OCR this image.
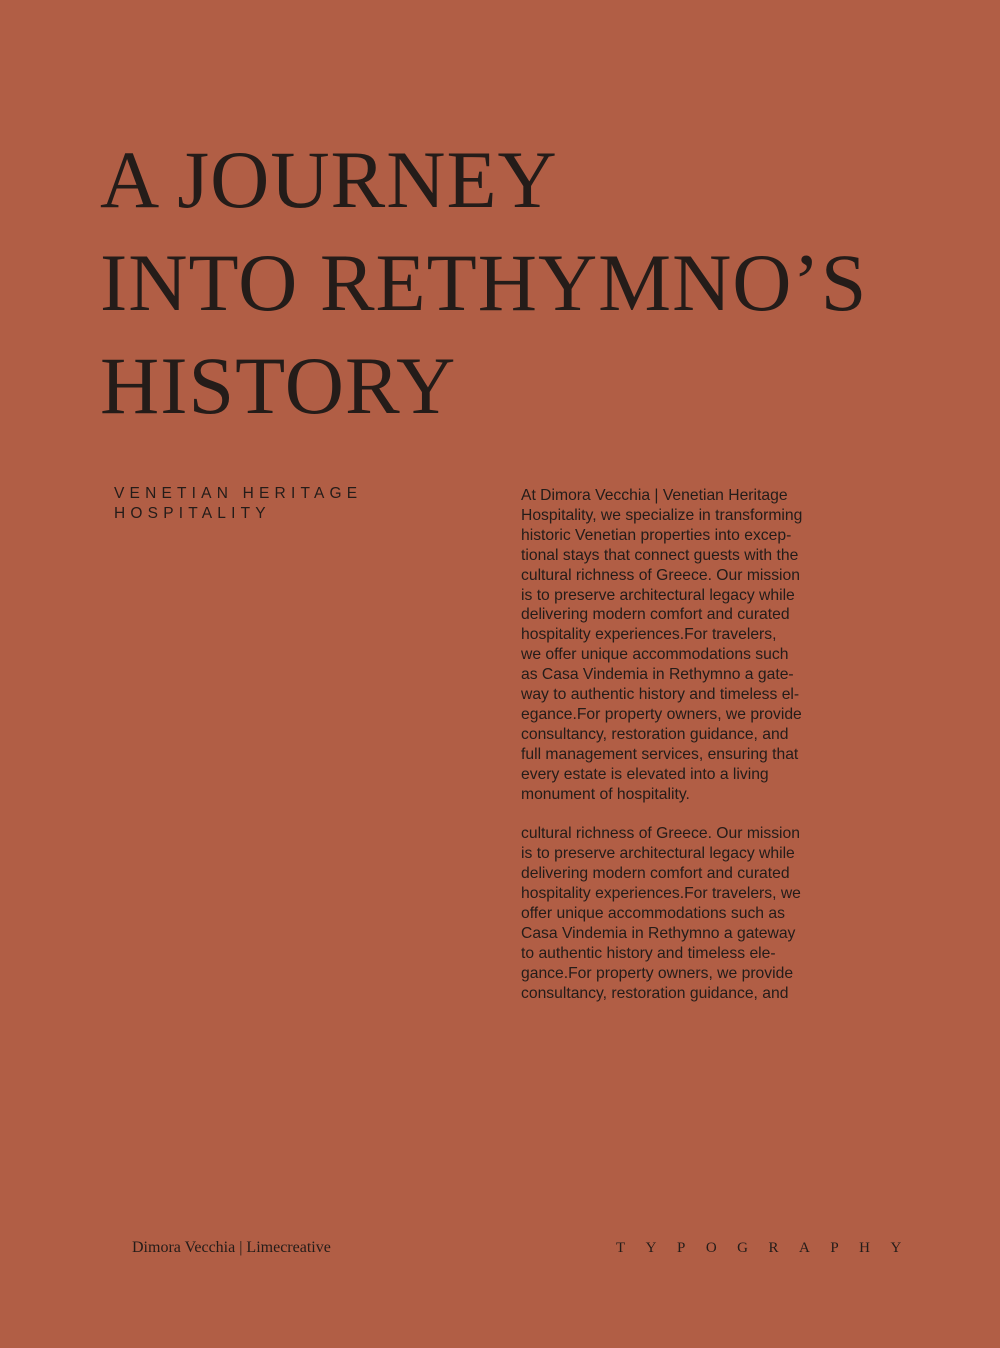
A JOURNEY
INTO RETHYMNO’S
HISTORY
VENETIAN HERITAGE
HOSPITALITY
At Dimora Vecchia | Venetian Heritage
Hospitality, we specialize in transforming
historic Venetian properties into excep-
tional stays that connect guests with the
cultural richness of Greece. Our mission
is to preserve architectural legacy while
delivering modern comfort and curated
hospitality experiences.For travelers,
we offer unique accommodations such
as Casa Vindemia in Rethymno a gate-
way to authentic history and timeless el-
egance.For property owners, we provide
consultancy, restoration guidance, and
full management services, ensuring that
every estate is elevated into a living
monument of hospitality.
cultural richness of Greece. Our mission
is to preserve architectural legacy while
delivering modern comfort and curated
hospitality experiences.For travelers, we
offer unique accommodations such as
Casa Vindemia in Rethymno a gateway
to authentic history and timeless ele-
gance.For property owners, we provide
consultancy, restoration guidance, and
Dimora Vecchia | Limecreative	TYPOGRAPHY
